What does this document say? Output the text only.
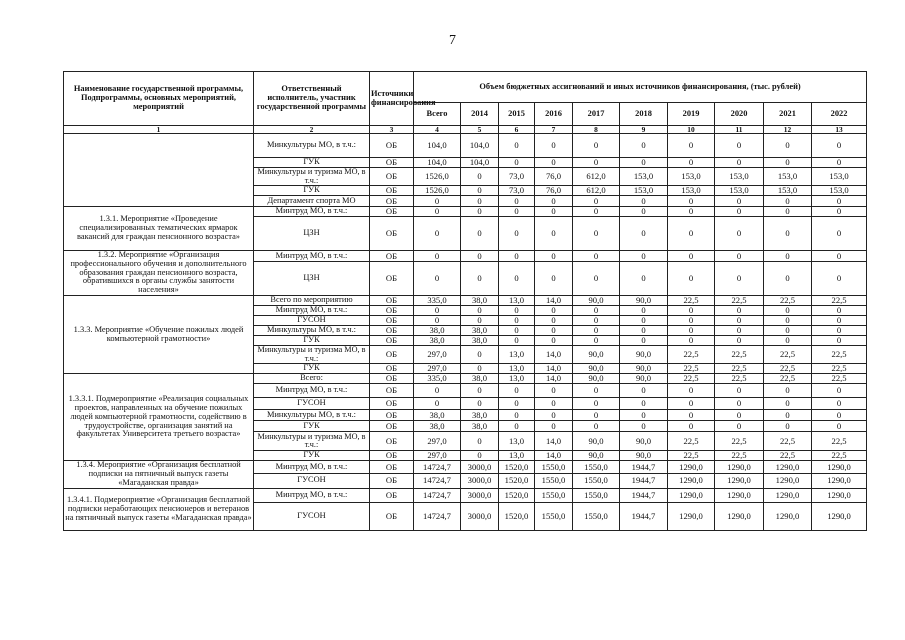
7
Наименование государственной программы, Подпрограммы, основных мероприятий, мероприятий	Ответственный исполнитель, участник государственной программы	Источники финансирования	Объем бюджетных ассигнований и иных источников финансирования, (тыс. рублей)									
			Всего	2014	2015	2016	2017	2018	2019	2020	2021	2022
1	2	3	4	5	6	7	8	9	10	11	12	13
	Минкультуры МО, в т.ч.:	ОБ	104,0	104,0	0	0	0	0	0	0	0	0
	ГУК	ОБ	104,0	104,0	0	0	0	0	0	0	0	0
	Минкультуры и туризма МО, в т.ч.:	ОБ	1526,0	0	73,0	76,0	612,0	153,0	153,0	153,0	153,0	153,0
	ГУК	ОБ	1526,0	0	73,0	76,0	612,0	153,0	153,0	153,0	153,0	153,0
	Департамент спорта МО	ОБ	0	0	0	0	0	0	0	0	0	0
1.3.1. Мероприятие «Проведение специализированных тематических ярмарок вакансий для граждан пенсионного возраста»	Минтруд МО, в т.ч.:	ОБ	0	0	0	0	0	0	0	0	0	0
	ЦЗН	ОБ	0	0	0	0	0	0	0	0	0	0
1.3.2. Мероприятие «Организация профессионального обучения и дополнительного образования граждан пенсионного возраста, обратившихся в органы службы занятости населения»	Минтруд МО, в т.ч.:	ОБ	0	0	0	0	0	0	0	0	0	0
	ЦЗН	ОБ	0	0	0	0	0	0	0	0	0	0
1.3.3. Мероприятие «Обучение пожилых людей компьютерной грамотности»	Всего по мероприятию	ОБ	335,0	38,0	13,0	14,0	90,0	90,0	22,5	22,5	22,5	22,5
	Минтруд МО, в т.ч.:	ОБ	0	0	0	0	0	0	0	0	0	0
	ГУСОН	ОБ	0	0	0	0	0	0	0	0	0	0
	Минкультуры МО, в т.ч.:	ОБ	38,0	38,0	0	0	0	0	0	0	0	0
	ГУК	ОБ	38,0	38,0	0	0	0	0	0	0	0	0
	Минкультуры и туризма МО, в т.ч.:	ОБ	297,0	0	13,0	14,0	90,0	90,0	22,5	22,5	22,5	22,5
	ГУК	ОБ	297,0	0	13,0	14,0	90,0	90,0	22,5	22,5	22,5	22,5
1.3.3.1. Подмероприятие «Реализация социальных проектов, направленных на обучение пожилых людей компьютерной грамотности, содействию в трудоустройстве, организация занятий на факультетах Университета третьего возраста»	Всего:	ОБ	335,0	38,0	13,0	14,0	90,0	90,0	22,5	22,5	22,5	22,5
	Минтруд МО, в т.ч.:	ОБ	0	0	0	0	0	0	0	0	0	0
	ГУСОН	ОБ	0	0	0	0	0	0	0	0	0	0
	Минкультуры МО, в т.ч.:	ОБ	38,0	38,0	0	0	0	0	0	0	0	0
	ГУК	ОБ	38,0	38,0	0	0	0	0	0	0	0	0
	Минкультуры и туризма МО, в т.ч.:	ОБ	297,0	0	13,0	14,0	90,0	90,0	22,5	22,5	22,5	22,5
	ГУК	ОБ	297,0	0	13,0	14,0	90,0	90,0	22,5	22,5	22,5	22,5
1.3.4. Мероприятие «Организация бесплатной подписки на пятничный выпуск газеты «Магаданская правда»	Минтруд МО, в т.ч.:	ОБ	14724,7	3000,0	1520,0	1550,0	1550,0	1944,7	1290,0	1290,0	1290,0	1290,0
	ГУСОН	ОБ	14724,7	3000,0	1520,0	1550,0	1550,0	1944,7	1290,0	1290,0	1290,0	1290,0
1.3.4.1. Подмероприятие «Организация бесплатной подписки неработающих пенсионеров и ветеранов на пятничный выпуск газеты «Магаданская правда»	Минтруд МО, в т.ч.:	ОБ	14724,7	3000,0	1520,0	1550,0	1550,0	1944,7	1290,0	1290,0	1290,0	1290,0
	ГУСОН	ОБ	14724,7	3000,0	1520,0	1550,0	1550,0	1944,7	1290,0	1290,0	1290,0	1290,0
